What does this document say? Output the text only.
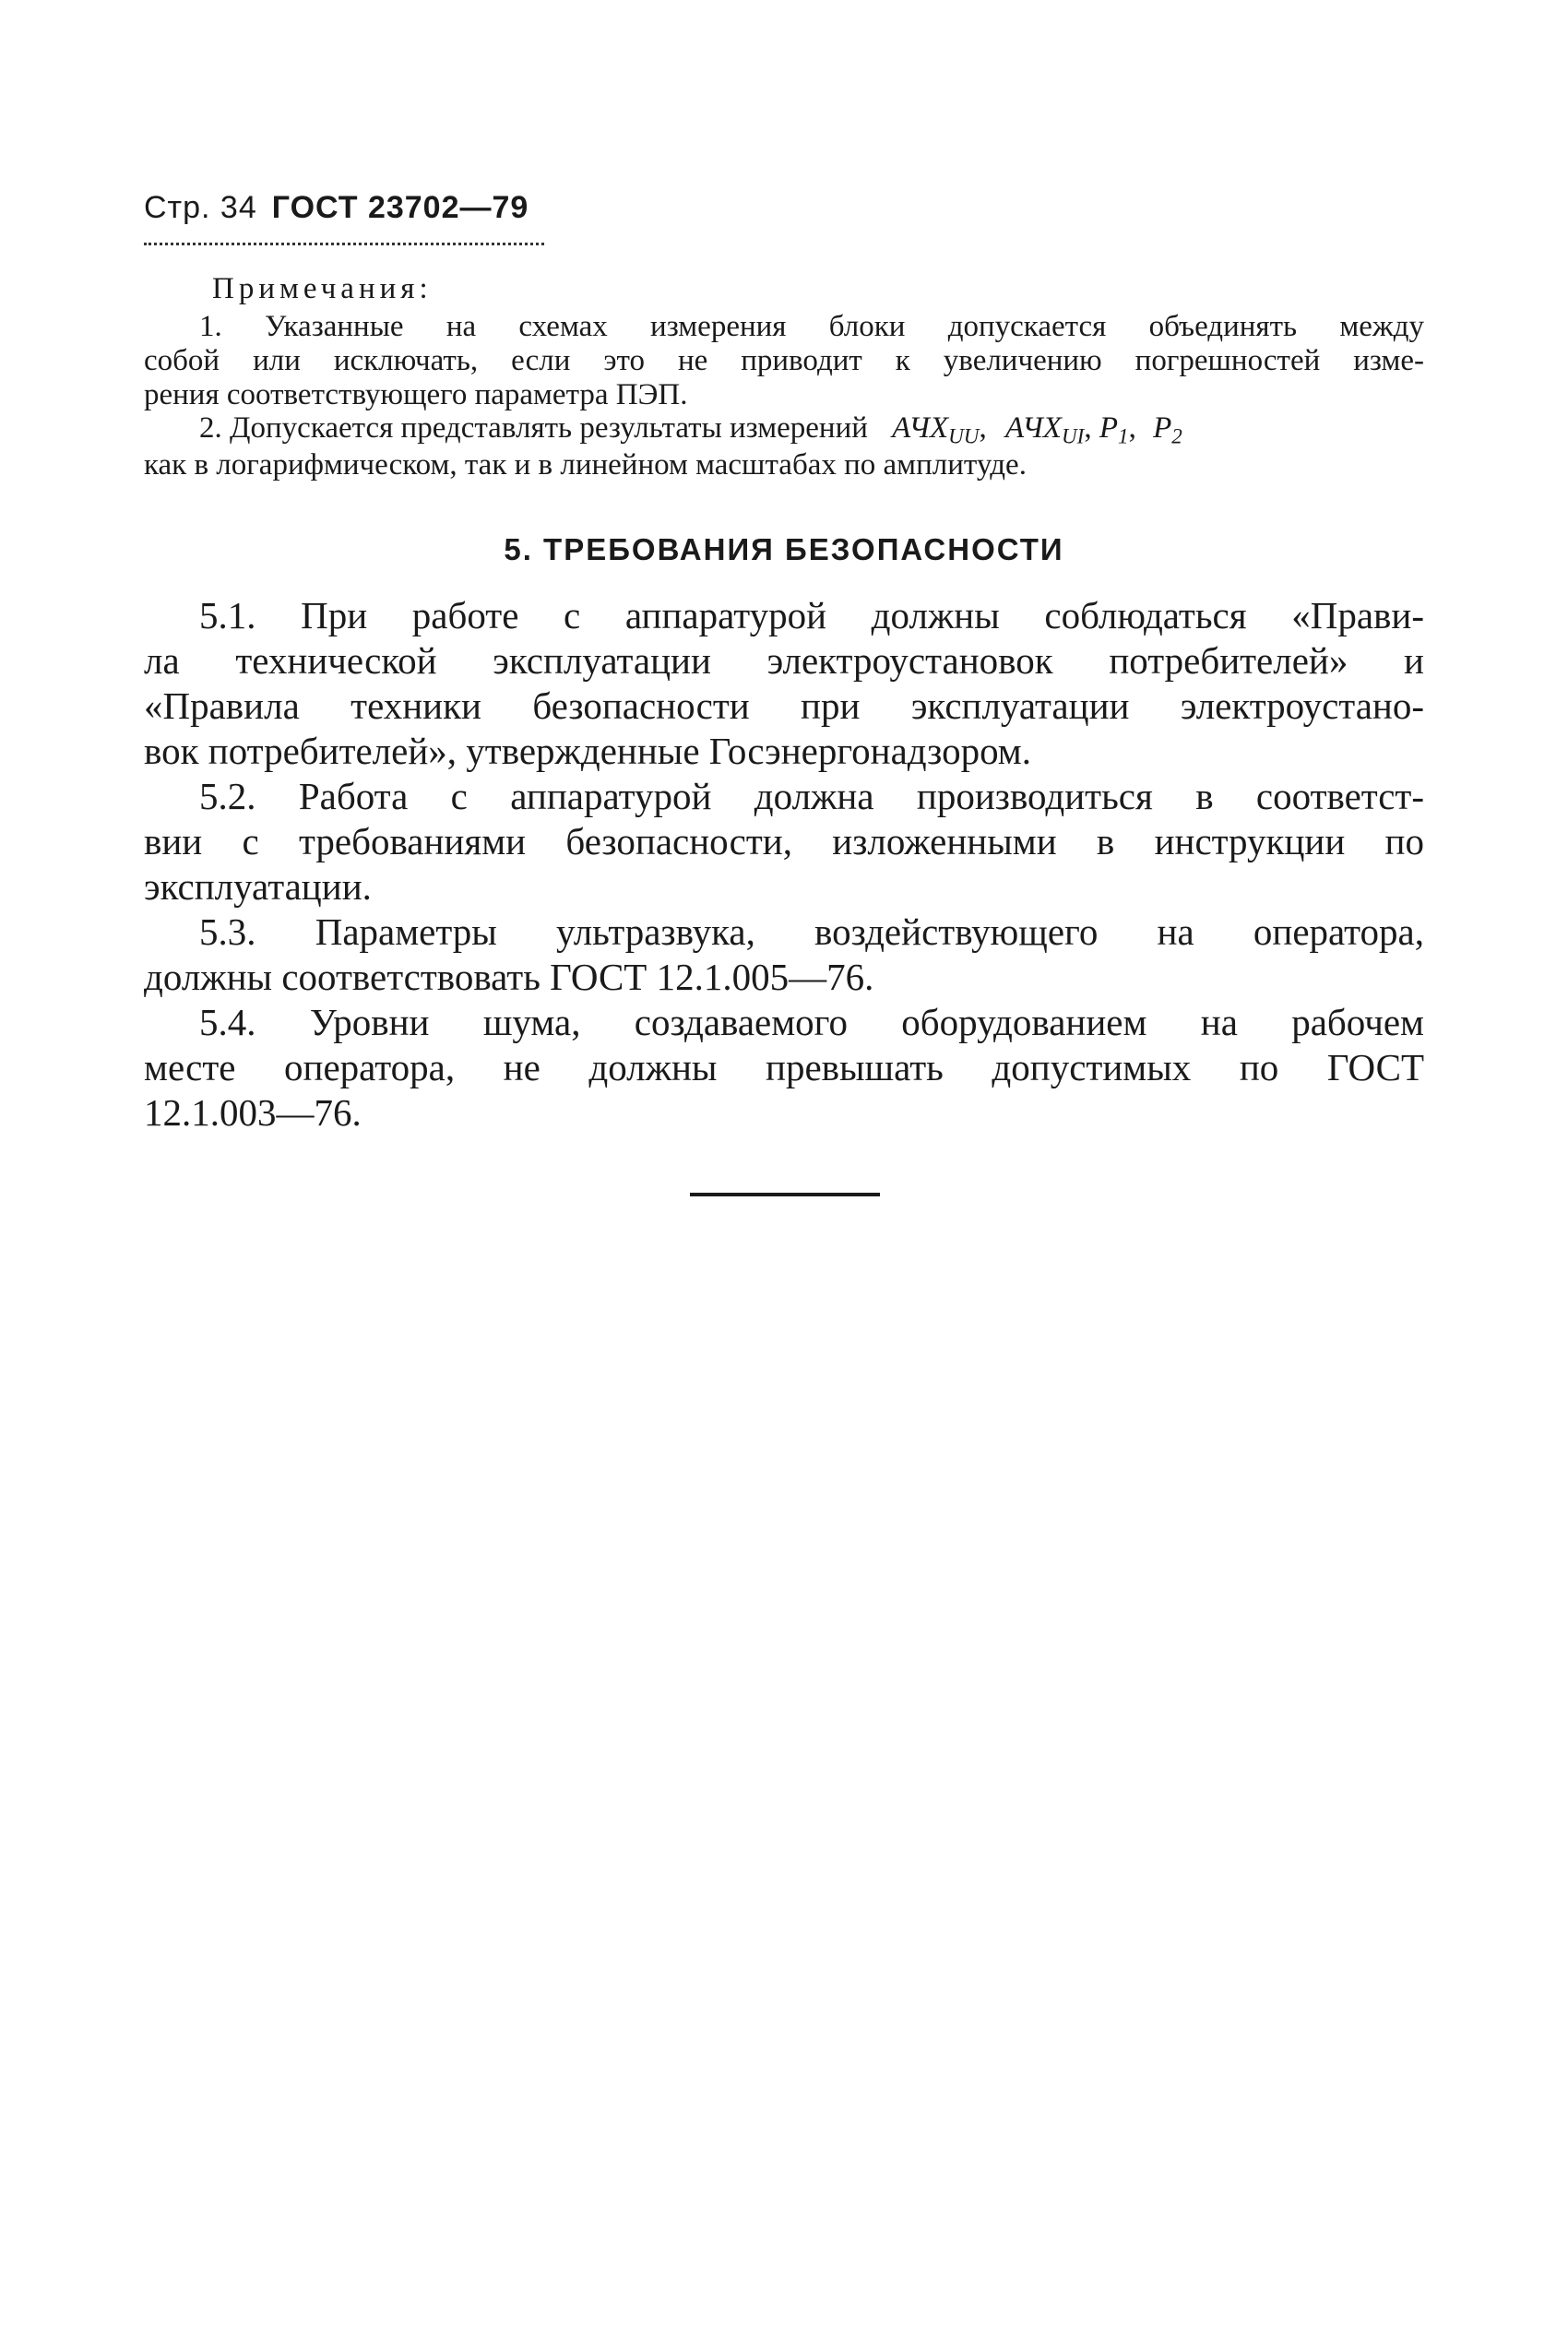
Стр. 34 ГОСТ 23702—79
Примечания:
1. Указанные на схемах измерения блоки допускается объединять между
собой или исключать, если это не приводит к увеличению погрешностей изме-
рения соответствующего параметра ПЭП.
2. Допускается представлять результаты измерений $АЧХ_{UU}$, $АЧХ_{UI}$, $P_1$, $P_2$
как в логарифмическом, так и в линейном масштабах по амплитуде.
5. ТРЕБОВАНИЯ БЕЗОПАСНОСТИ
5.1. При работе с аппаратурой должны соблюдаться «Прави-
ла технической эксплуатации электроустановок потребителей» и
«Правила техники безопасности при эксплуатации электроустано-
вок потребителей», утвержденные Госэнергонадзором.
5.2. Работа с аппаратурой должна производиться в соответст-
вии с требованиями безопасности, изложенными в инструкции по
эксплуатации.
5.3. Параметры ультразвука, воздействующего на оператора,
должны соответствовать ГОСТ 12.1.005—76.
5.4. Уровни шума, создаваемого оборудованием на рабочем
месте оператора, не должны превышать допустимых по ГОСТ
12.1.003—76.
